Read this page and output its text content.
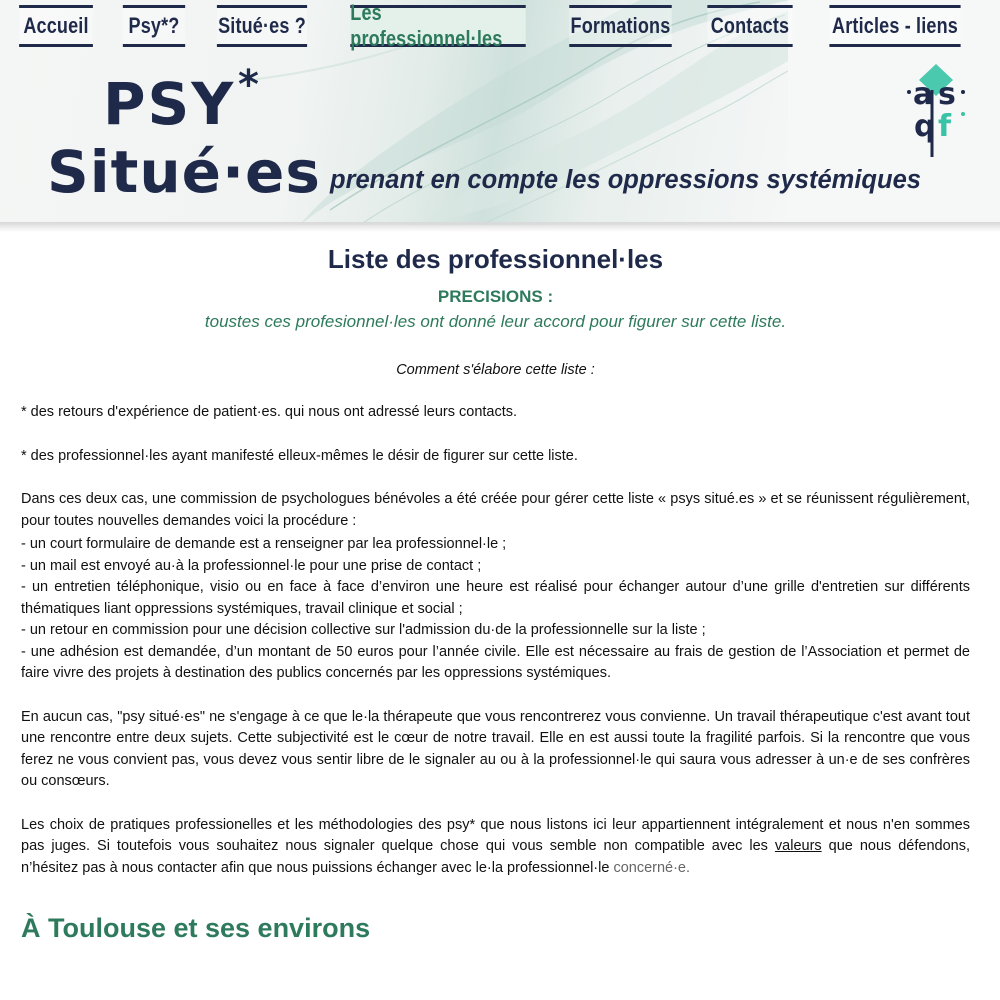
Accueil Psy*? Situé·es ?
Les professionnel·les
Formations Contacts Articles - liens
PSY *
Situé·es prenant en compte les oppressions systémiques
a s
q f
Liste des professionnel·les
PRECISIONS :
toustes ces profesionnel·les ont donné leur accord pour figurer sur cette liste.
Comment s'élabore cette liste :

* des retours d'expérience de patient·es. qui nous ont adressé leurs contacts.

* des professionnel·les ayant manifesté elleux-mêmes le désir de figurer sur cette liste.

Dans ces deux cas, une commission de psychologues bénévoles a été créée pour gérer cette liste « psys situé.es » et se réunissent régulièrement, pour toutes nouvelles demandes voici la procédure :

- un court formulaire de demande est a renseigner par lea professionnel·le ;

- un mail est envoyé au·à la professionnel·le pour une prise de contact ;

- un entretien téléphonique, visio ou en face à face d’environ une heure est réalisé pour échanger autour d’une grille d'entretien sur différents thématiques liant oppressions systémiques, travail clinique et social ;

- un retour en commission pour une décision collective sur l'admission du·de la professionnelle sur la liste ;

- une adhésion est demandée, d’un montant de 50 euros pour l’année civile. Elle est nécessaire au frais de gestion de l’Association et permet de faire vivre des projets à destination des publics concernés par les oppressions systémiques.

En aucun cas, "psy situé·es" ne s'engage à ce que le·la thérapeute que vous rencontrerez vous convienne. Un travail thérapeutique c'est avant tout une rencontre entre deux sujets. Cette subjectivité est le cœur de notre travail. Elle en est aussi toute la fragilité parfois. Si la rencontre que vous ferez ne vous convient pas, vous devez vous sentir libre de le signaler au ou à la professionnel·le qui saura vous adresser à un·e de ses confrères ou consœurs.

Les choix de pratiques professionelles et les méthodologies des psy* que nous listons ici leur appartiennent intégralement et nous n'en sommes pas juges. Si toutefois vous souhaitez nous signaler quelque chose qui vous semble non compatible avec les valeurs que nous défendons, n’hésitez pas à nous contacter afin que nous puissions échanger avec le·la professionnel·le concerné·e.

À Toulouse et ses environs
